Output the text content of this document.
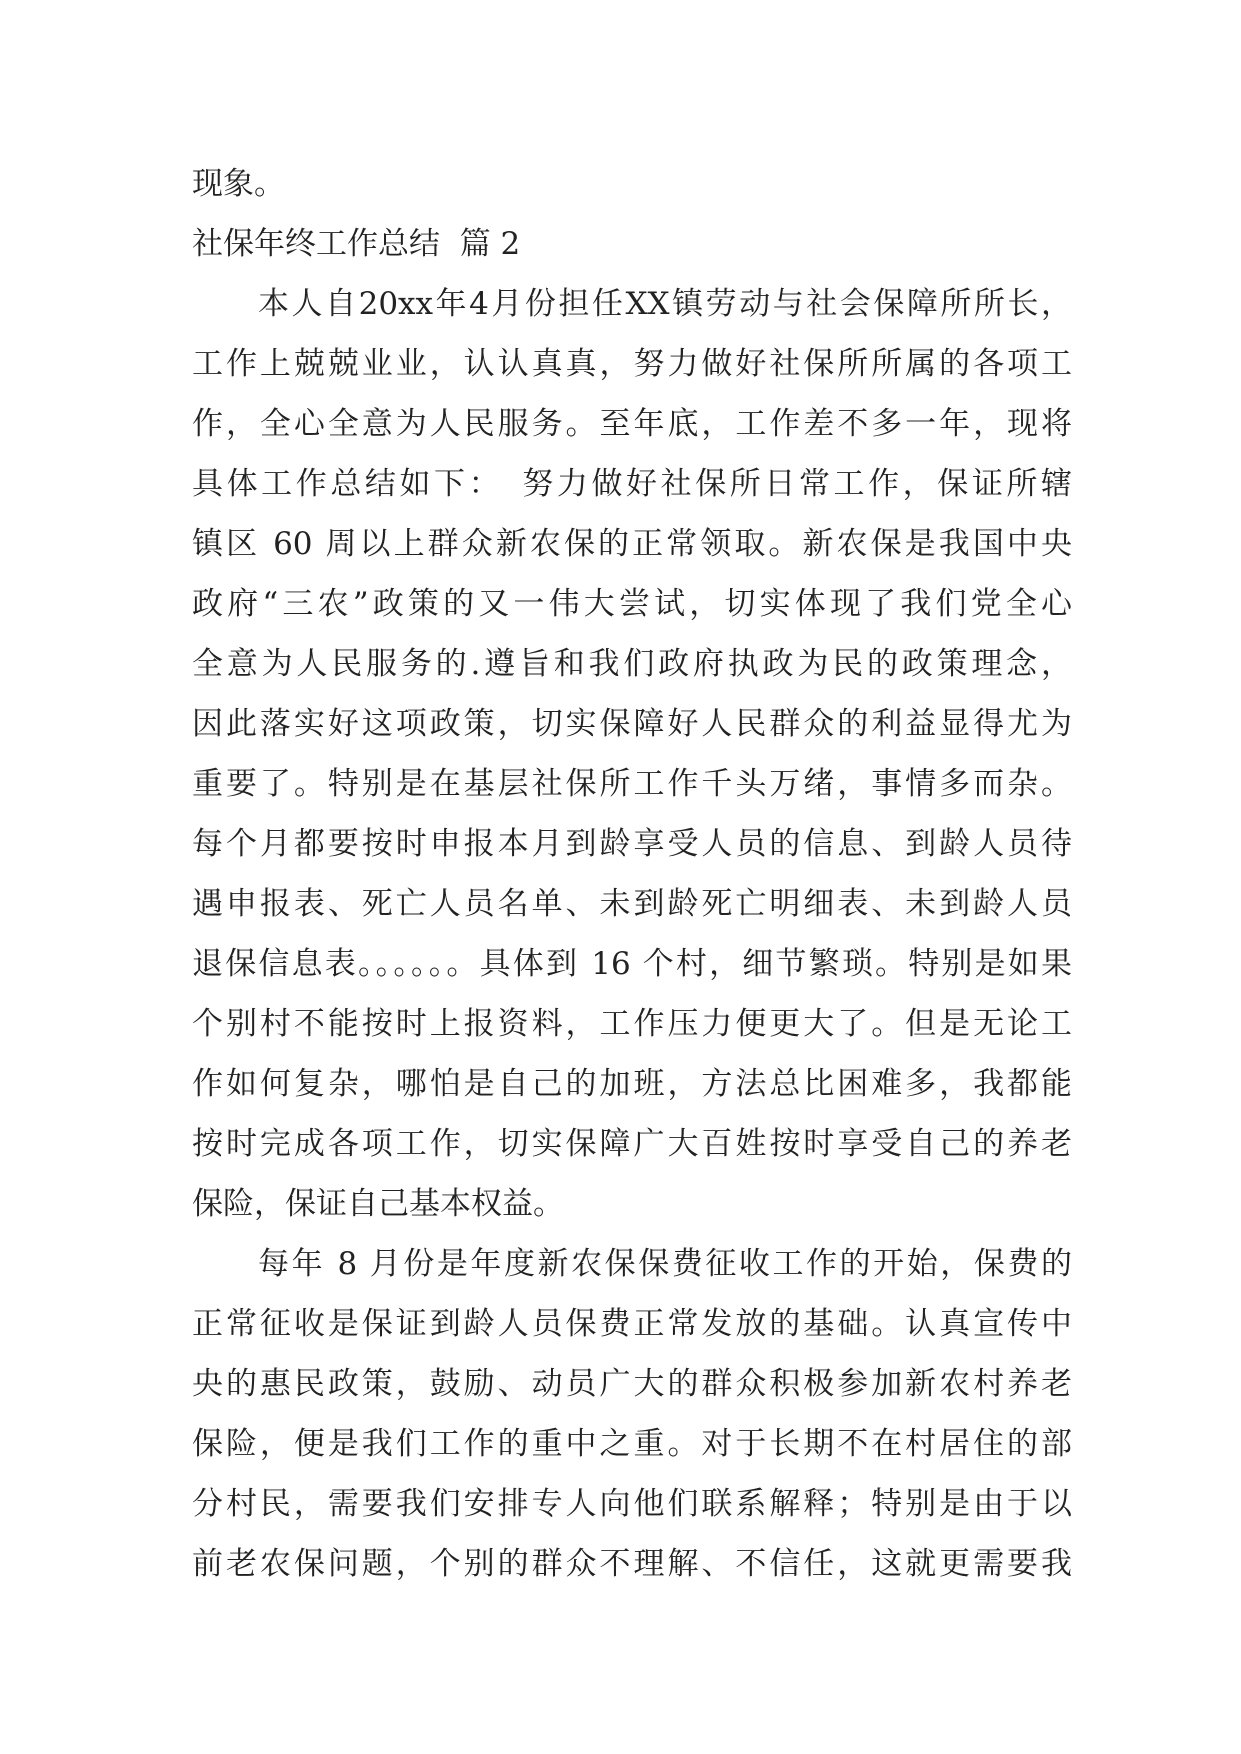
现象。
社保年终工作总结  篇 2
本人自20xx年4月份担任XX镇劳动与社会保障所所长，
工作上兢兢业业，认认真真，努力做好社保所所属的各项工
作，全心全意为人民服务。至年底，工作差不多一年，现将
具体工作总结如下：　努力做好社保所日常工作，保证所辖
镇区 60 周以上群众新农保的正常领取。新农保是我国中央
政府“三农”政策的又一伟大尝试，切实体现了我们党全心
全意为人民服务的.遵旨和我们政府执政为民的政策理念，
因此落实好这项政策，切实保障好人民群众的利益显得尤为
重要了。特别是在基层社保所工作千头万绪，事情多而杂。
每个月都要按时申报本月到龄享受人员的信息、到龄人员待
遇申报表、死亡人员名单、未到龄死亡明细表、未到龄人员
退保信息表。。。。。。具体到 16 个村，细节繁琐。特别是如果
个别村不能按时上报资料，工作压力便更大了。但是无论工
作如何复杂，哪怕是自己的加班，方法总比困难多，我都能
按时完成各项工作，切实保障广大百姓按时享受自己的养老
保险，保证自己基本权益。
每年 8 月份是年度新农保保费征收工作的开始，保费的
正常征收是保证到龄人员保费正常发放的基础。认真宣传中
央的惠民政策，鼓励、动员广大的群众积极参加新农村养老
保险，便是我们工作的重中之重。对于长期不在村居住的部
分村民，需要我们安排专人向他们联系解释；特别是由于以
前老农保问题，个别的群众不理解、不信任，这就更需要我
